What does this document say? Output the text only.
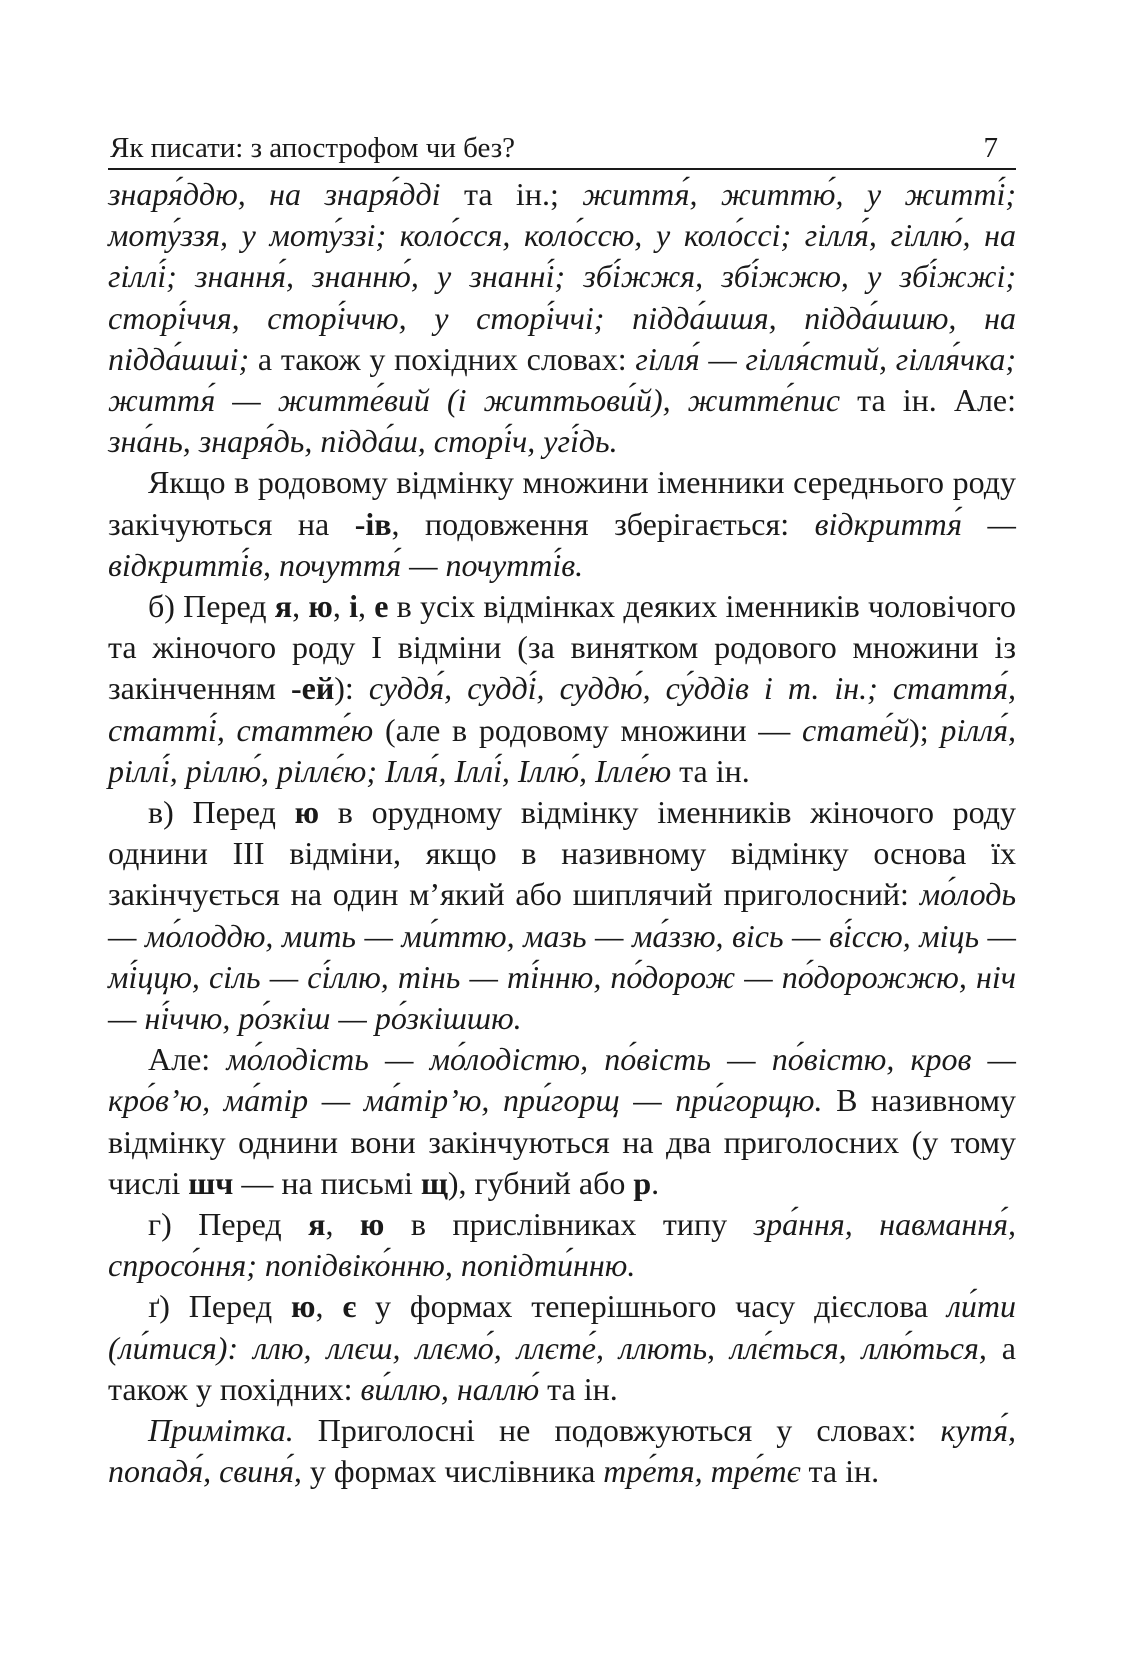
Як писати: з апострофом чи без?	7

знаря́ддю, на знаря́дді та ін.; життя́, життю́, у житті́; моту́ззя, у моту́ззі; коло́сся, коло́ссю, у коло́ссі; гілля́, гіллю́, на гіллі́; знання́, знанню́, у знанні́; збі́жжя, збі́жжю, у збі́жжі; сторі́ччя, сторі́ччю, у сторі́ччі; підда́шшя, підда́шшю, на підда́шші; а також у похідних словах: гілля́ — гілля́стий, гілля́чка; життя́ — житте́вий (і життьови́й), житте́пис та ін. Але: зна́нь, знаря́дь, підда́ш, сторі́ч, угі́дь.

Якщо в родовому відмінку множини іменники середнього роду закічуються на -ів, подовження зберігається: відкриття́ — відкритті́в, почуття́ — почутті́в.

б) Перед я, ю, і, е в усіх відмінках деяких іменників чоловічого та жіночого роду I відміни (за винятком родового множини із закінченням -ей): суддя́, судді́, суддю́, су́ддів і т. ін.; стаття́, статті́, статте́ю (але в родовому множини — стате́й); рілля́, ріллі́, ріллю́, ріллє́ю; Ілля́, Іллі́, Іллю́, Ілле́ю та ін.

в) Перед ю в орудному відмінку іменників жіночого роду однини III відміни, якщо в називному відмінку основа їх закінчується на один м’який або шиплячий приголосний: мо́лодь — мо́лоддю, мить — ми́ттю, мазь — ма́ззю, вісь — ві́ссю, міць — мі́ццю, сіль — сі́ллю, тінь — ті́нню, по́дорож — по́дорожжю, ніч — ні́ччю, ро́зкіш — ро́зкішшю.

Але: мо́лодість — мо́лодістю, по́вість — по́вістю, кров — кро́в’ю, ма́тір — ма́тір’ю, при́горщ — при́горщю. В називному відмінку однини вони закінчуються на два приголосних (у тому числі шч — на письмі щ), губний або р.

г) Перед я, ю в прислівниках типу зра́ння, навмання́, спросо́ння; попідвіко́нню, попідти́нню.

ґ) Перед ю, є у формах теперішнього часу дієслова ли́ти (ли́тися): ллю, ллєш, ллємо́, ллєте́, ллють, ллє́ться, ллю́ться, а також у похідних: ви́ллю, наллю́ та ін.

Примітка. Приголосні не подовжуються у словах: кутя́, попадя́, свиня́, у формах числівника тре́тя, тре́тє та ін.
